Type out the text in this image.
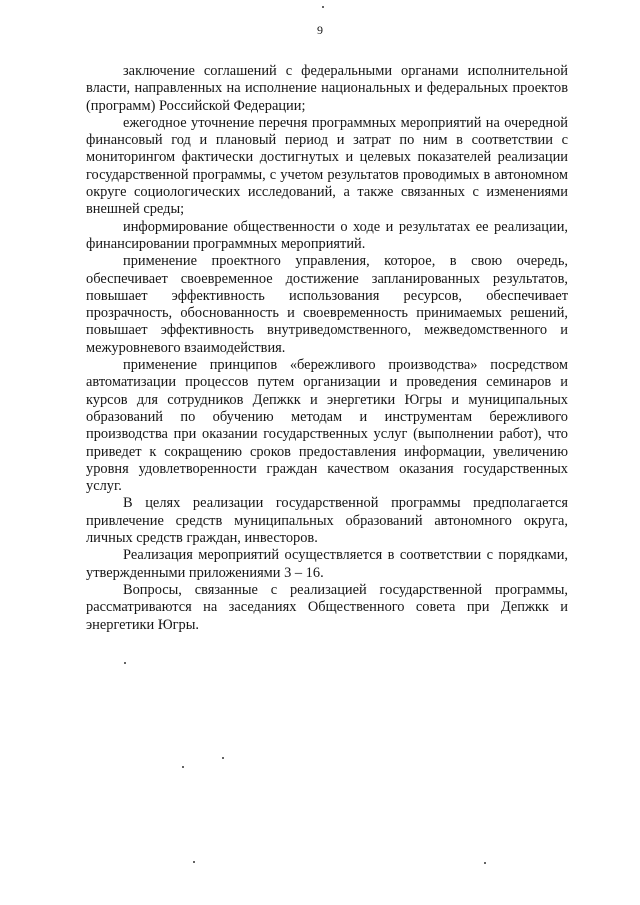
9

заключение соглашений с федеральными органами исполнительной власти, направленных на исполнение национальных и федеральных проектов (программ) Российской Федерации;

ежегодное уточнение перечня программных мероприятий на очередной финансовый год и плановый период и затрат по ним в соответствии с мониторингом фактически достигнутых и целевых показателей реализации государственной программы, с учетом результатов проводимых в автономном округе социологических исследований, а также связанных с изменениями внешней среды;

информирование общественности о ходе и результатах ее реализации, финансировании программных мероприятий.

применение проектного управления, которое, в свою очередь, обеспечивает своевременное достижение запланированных результатов, повышает эффективность использования ресурсов, обеспечивает прозрачность, обоснованность и своевременность принимаемых решений, повышает эффективность внутриведомственного, межведомственного и межуровневого взаимодействия.

применение принципов «бережливого производства» посредством автоматизации процессов путем организации и проведения семинаров и курсов для сотрудников Депжкк и энергетики Югры и муниципальных образований по обучению методам и инструментам бережливого производства при оказании государственных услуг (выполнении работ), что приведет к сокращению сроков предоставления информации, увеличению уровня удовлетворенности граждан качеством оказания государственных услуг.

В целях реализации государственной программы предполагается привлечение средств муниципальных образований автономного округа, личных средств граждан, инвесторов.

Реализация мероприятий осуществляется в соответствии с порядками, утвержденными приложениями 3 – 16.

Вопросы, связанные с реализацией государственной программы, рассматриваются на заседаниях Общественного совета при Депжкк и энергетики Югры.
